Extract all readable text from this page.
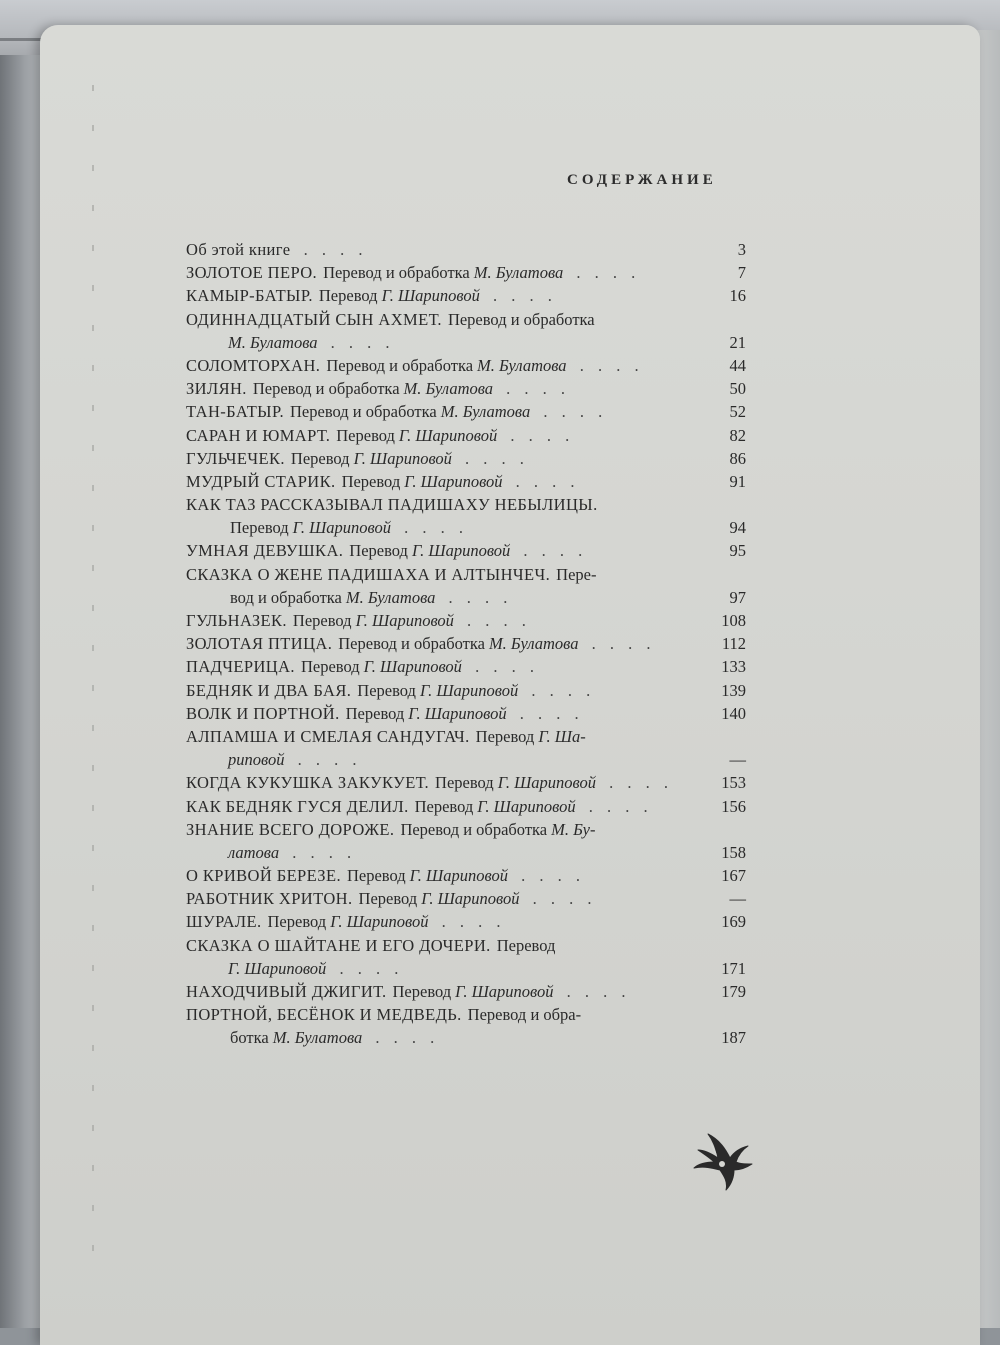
СОДЕРЖАНИЕ
Об этой книге . . . .	3
ЗОЛОТОЕ ПЕРО. Перевод и обработка М. Булатова . . . .	7
КАМЫР-БАТЫР. Перевод Г. Шариповой . . . .	16
ОДИННАДЦАТЫЙ СЫН АХМЕТ. Перевод и обработка
М. Булатова . . . .	21
СОЛОМТОРХАН. Перевод и обработка М. Булатова . . . .	44
ЗИЛЯН. Перевод и обработка М. Булатова . . . .	50
ТАН-БАТЫР. Перевод и обработка М. Булатова . . . .	52
САРАН И ЮМАРТ. Перевод Г. Шариповой . . . .	82
ГУЛЬЧЕЧЕК. Перевод Г. Шариповой . . . .	86
МУДРЫЙ СТАРИК. Перевод Г. Шариповой . . . .	91
КАК ТАЗ РАССКАЗЫВАЛ ПАДИШАХУ НЕБЫЛИЦЫ.
Перевод Г. Шариповой . . . .	94
УМНАЯ ДЕВУШКА. Перевод Г. Шариповой . . . .	95
СКАЗКА О ЖЕНЕ ПАДИШАХА И АЛТЫНЧЕЧ. Пере-
вод и обработка М. Булатова . . . .	97
ГУЛЬНАЗЕК. Перевод Г. Шариповой . . . .	108
ЗОЛОТАЯ ПТИЦА. Перевод и обработка М. Булатова . . . .	112
ПАДЧЕРИЦА. Перевод Г. Шариповой . . . .	133
БЕДНЯК И ДВА БАЯ. Перевод Г. Шариповой . . . .	139
ВОЛК И ПОРТНОЙ. Перевод Г. Шариповой . . . .	140
АЛПАМША И СМЕЛАЯ САНДУГАЧ. Перевод Г. Ша-
риповой . . . .	—
КОГДА КУКУШКА ЗАКУКУЕТ. Перевод Г. Шариповой . . . .	153
КАК БЕДНЯК ГУСЯ ДЕЛИЛ. Перевод Г. Шариповой . . . .	156
ЗНАНИЕ ВСЕГО ДОРОЖЕ. Перевод и обработка М. Бу-
латова . . . .	158
О КРИВОЙ БЕРЕЗЕ. Перевод Г. Шариповой . . . .	167
РАБОТНИК ХРИТОН. Перевод Г. Шариповой . . . .	—
ШУРАЛЕ. Перевод Г. Шариповой . . . .	169
СКАЗКА О ШАЙТАНЕ И ЕГО ДОЧЕРИ. Перевод
Г. Шариповой . . . .	171
НАХОДЧИВЫЙ ДЖИГИТ. Перевод Г. Шариповой . . . .	179
ПОРТНОЙ, БЕСЁНОК И МЕДВЕДЬ. Перевод и обра-
ботка М. Булатова . . . .	187
